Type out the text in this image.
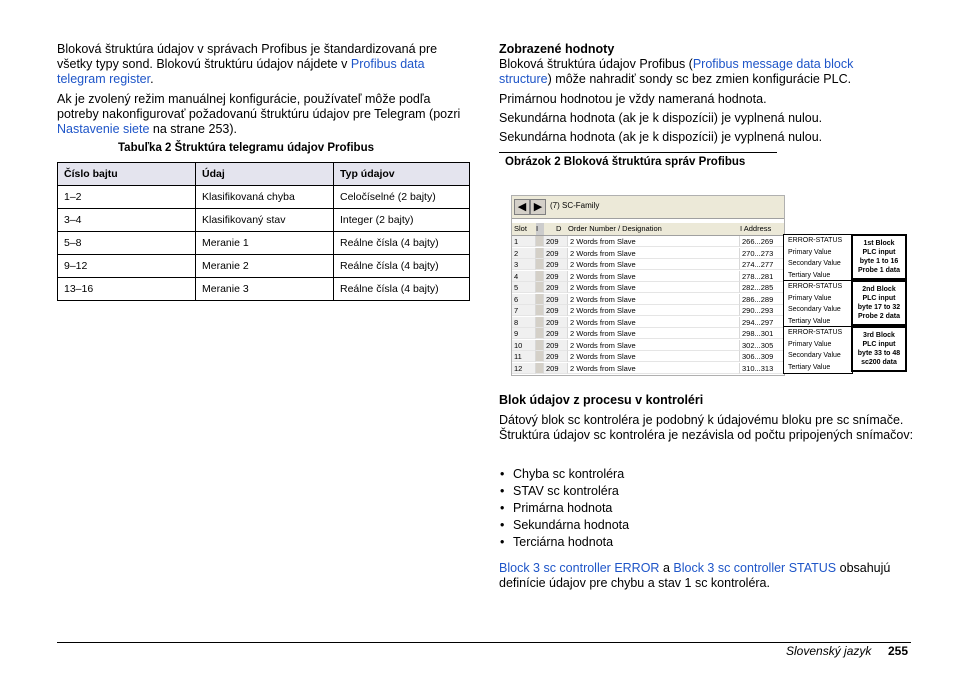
Bloková štruktúra údajov v správach Profibus je štandardizovaná pre všetky typy sond. Blokovú štruktúru údajov nájdete v Profibus data telegram register.
Ak je zvolený režim manuálnej konfigurácie, používateľ môže podľa potreby nakonfigurovať požadovanú štruktúru údajov pre Telegram (pozri Nastavenie siete na strane 253).
Tabuľka 2 Štruktúra telegramu údajov Profibus
Číslo bajtu	Údaj	Typ údajov
1–2	Klasifikovaná chyba	Celočíselné (2 bajty)
3–4	Klasifikovaný stav	Integer (2 bajty)
5–8	Meranie 1	Reálne čísla (4 bajty)
9–12	Meranie 2	Reálne čísla (4 bajty)
13–16	Meranie 3	Reálne čísla (4 bajty)
Zobrazené hodnoty
Bloková štruktúra údajov Profibus (Profibus message data block structure) môže nahradiť sondy sc bez zmien konfigurácie PLC.
Primárnou hodnotou je vždy nameraná hodnota.
Sekundárna hodnota (ak je k dispozícii) je vyplnená nulou.
Sekundárna hodnota (ak je k dispozícii) je vyplnená nulou.
Obrázok 2 Bloková štruktúra správ Profibus
◀ ▶ (7) SC-Family
Slot I	D Order Number / Designation	I Address
1	209	2 Words from Slave	266...269
2	209	2 Words from Slave	270...273
3	209	2 Words from Slave	274...277
4	209	2 Words from Slave	278...281
5	209	2 Words from Slave	282...285
6	209	2 Words from Slave	286...289
7	209	2 Words from Slave	290...293
8	209	2 Words from Slave	294...297
9	209	2 Words from Slave	298...301
10	209	2 Words from Slave	302...305
11	209	2 Words from Slave	306...309
12	209	2 Words from Slave	310...313
ERROR-STATUS
Primary Value
Secondary Value
Tertiary Value
1st Block
PLC input
byte 1 to 16
Probe 1 data
ERROR-STATUS
Primary Value
Secondary Value
Tertiary Value
2nd Block
PLC input
byte 17 to 32
Probe 2 data
ERROR-STATUS
Primary Value
Secondary Value
Tertiary Value
3rd Block
PLC input
byte 33 to 48
sc200 data
Blok údajov z procesu v kontroléri
Dátový blok sc kontroléra je podobný k údajovému bloku pre sc snímače. Štruktúra údajov sc kontroléra je nezávisla od počtu pripojených snímačov:
• Chyba sc kontroléra
• STAV sc kontroléra
• Primárna hodnota
• Sekundárna hodnota
• Terciárna hodnota
Block 3 sc controller ERROR a Block 3 sc controller STATUS obsahujú definície údajov pre chybu a stav 1 sc kontroléra.
Slovenský jazyk 255
